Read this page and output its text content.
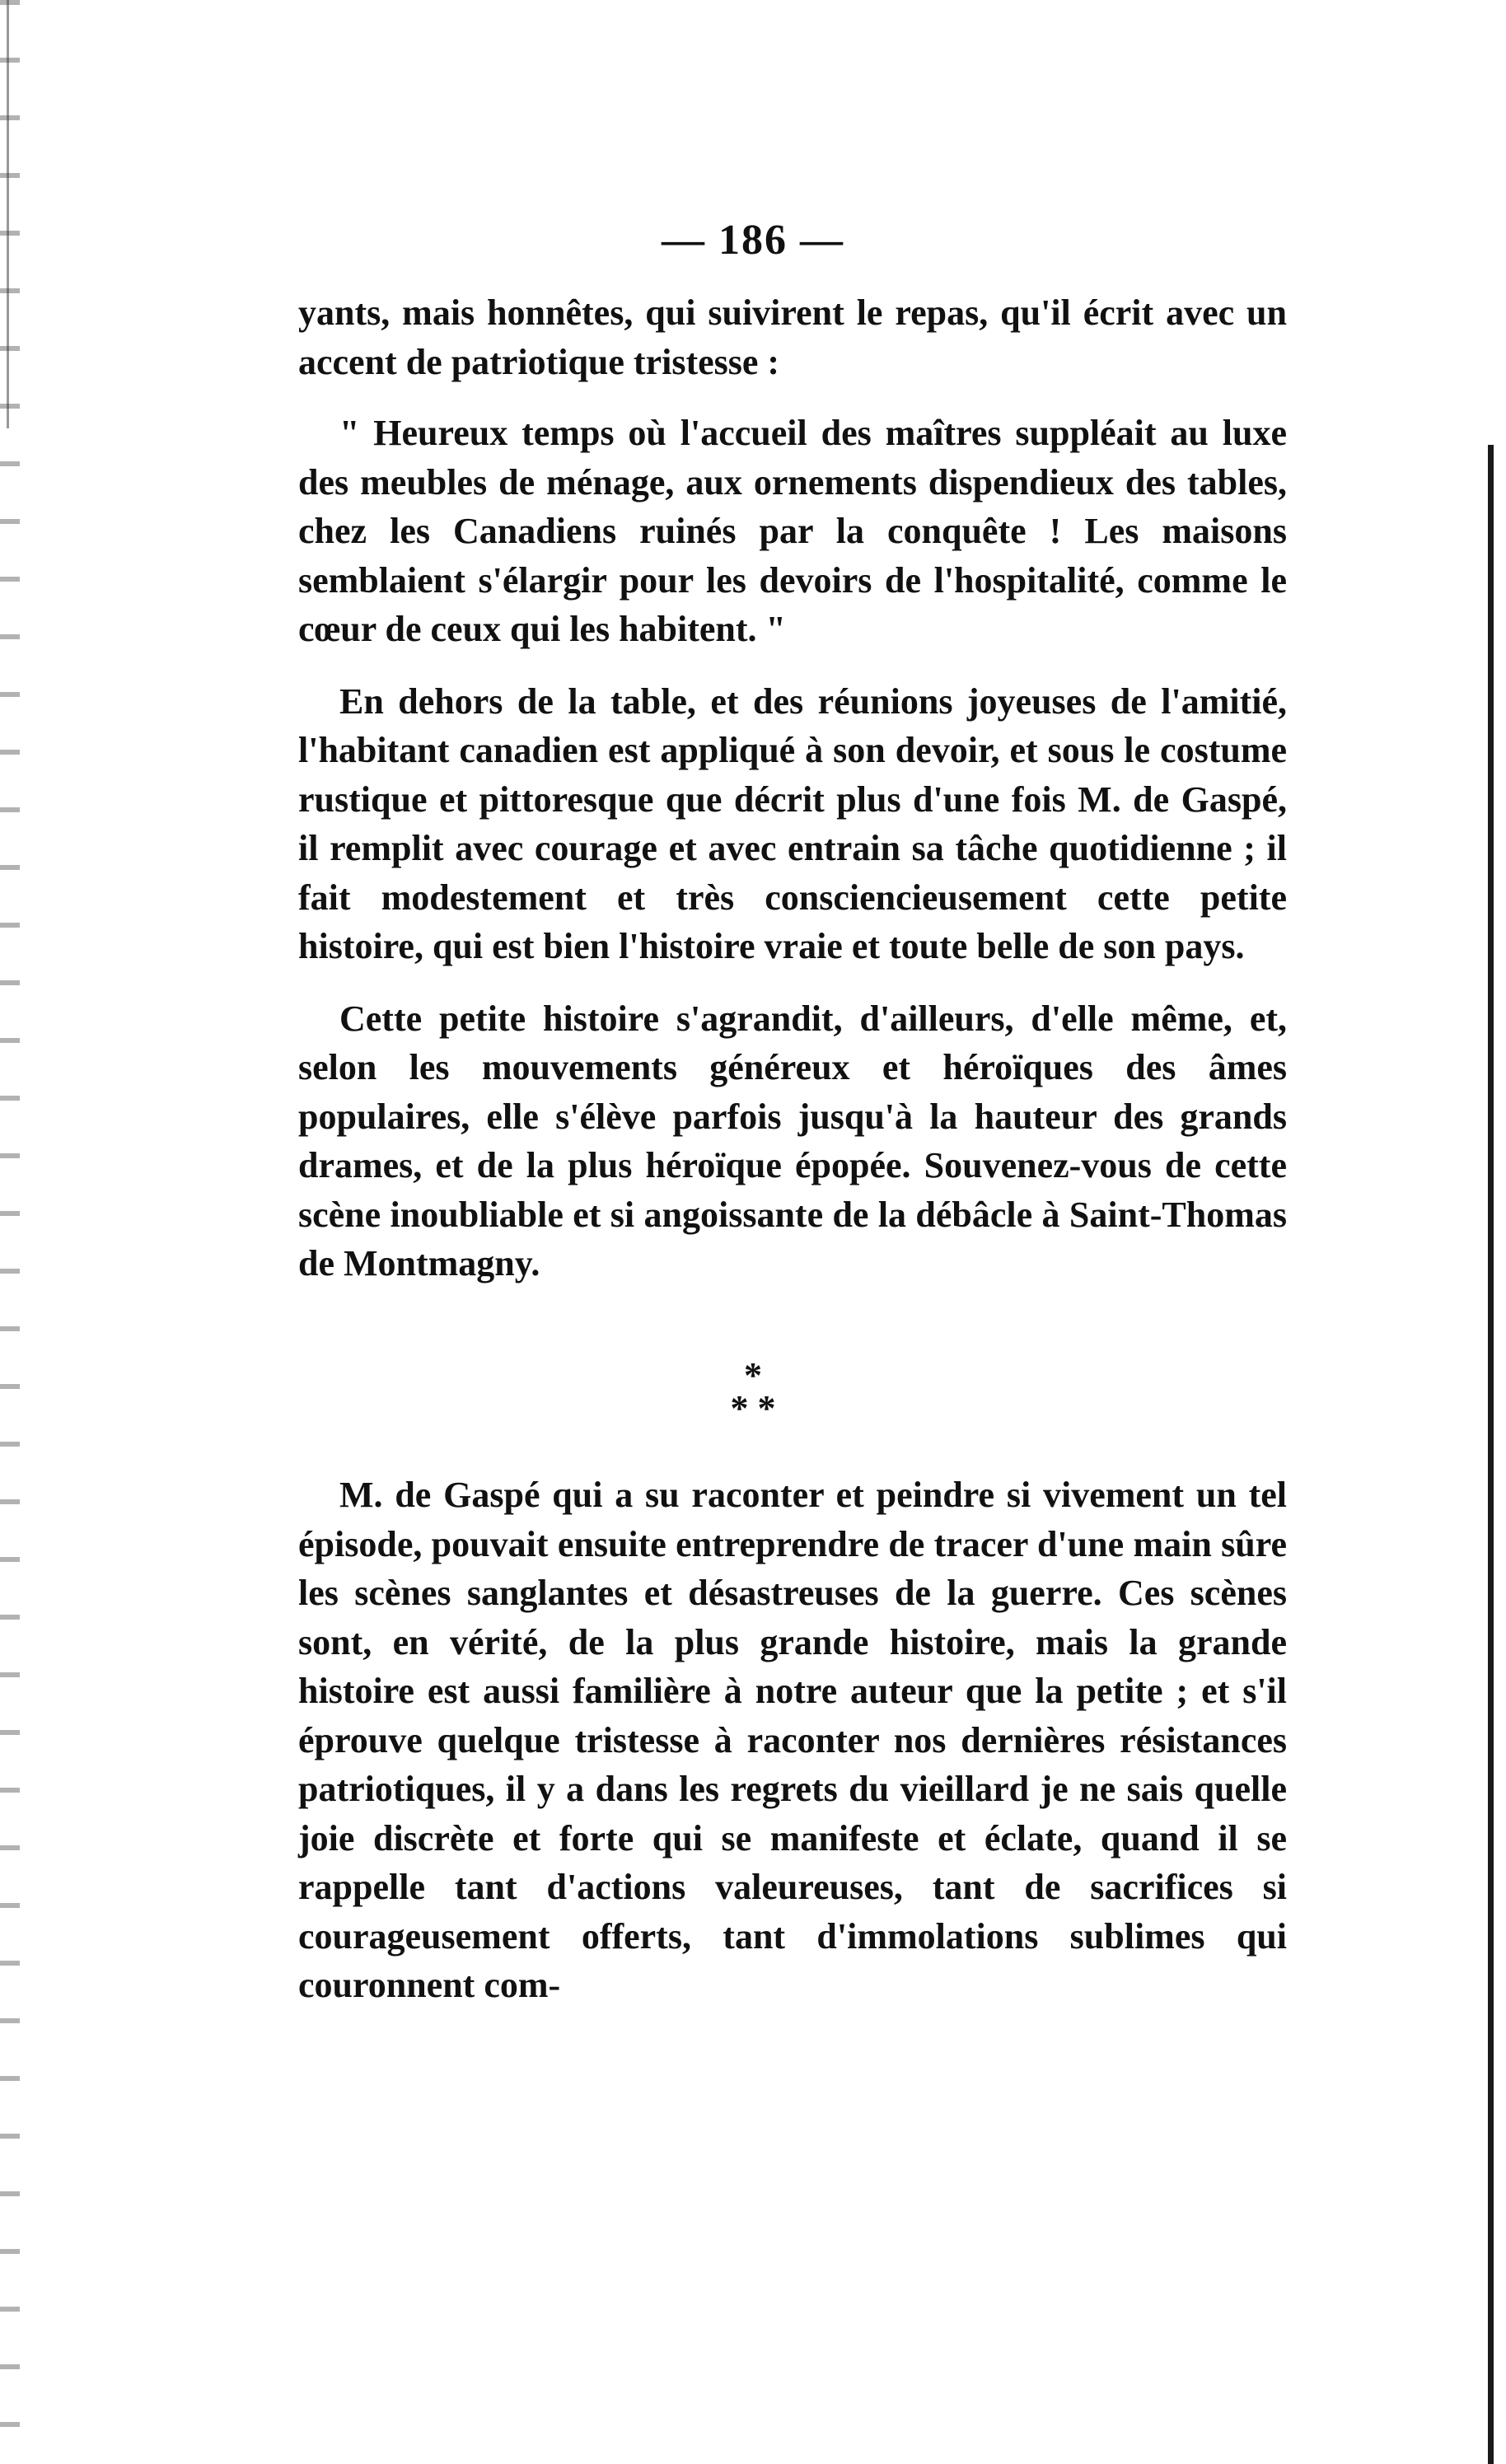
— 186 —

yants, mais honnêtes, qui suivirent le repas, qu'il écrit avec un accent de patriotique tristesse :

" Heureux temps où l'accueil des maîtres suppléait au luxe des meubles de ménage, aux ornements dispendieux des tables, chez les Canadiens ruinés par la conquête ! Les maisons semblaient s'élargir pour les devoirs de l'hospitalité, comme le cœur de ceux qui les habitent. "

En dehors de la table, et des réunions joyeuses de l'amitié, l'habitant canadien est appliqué à son devoir, et sous le costume rustique et pittoresque que décrit plus d'une fois M. de Gaspé, il remplit avec courage et avec entrain sa tâche quotidienne ; il fait modestement et très consciencieusement cette petite histoire, qui est bien l'histoire vraie et toute belle de son pays.

Cette petite histoire s'agrandit, d'ailleurs, d'elle même, et, selon les mouvements généreux et héroïques des âmes populaires, elle s'élève parfois jusqu'à la hauteur des grands drames, et de la plus héroïque épopée. Souvenez-vous de cette scène inoubliable et si angoissante de la débâcle à Saint-Thomas de Montmagny.

*
* *

M. de Gaspé qui a su raconter et peindre si vivement un tel épisode, pouvait ensuite entreprendre de tracer d'une main sûre les scènes sanglantes et désastreuses de la guerre. Ces scènes sont, en vérité, de la plus grande histoire, mais la grande histoire est aussi familière à notre auteur que la petite ; et s'il éprouve quelque tristesse à raconter nos dernières résistances patriotiques, il y a dans les regrets du vieillard je ne sais quelle joie discrète et forte qui se manifeste et éclate, quand il se rappelle tant d'actions valeureuses, tant de sacrifices si courageusement offerts, tant d'immolations sublimes qui couronnent com-
